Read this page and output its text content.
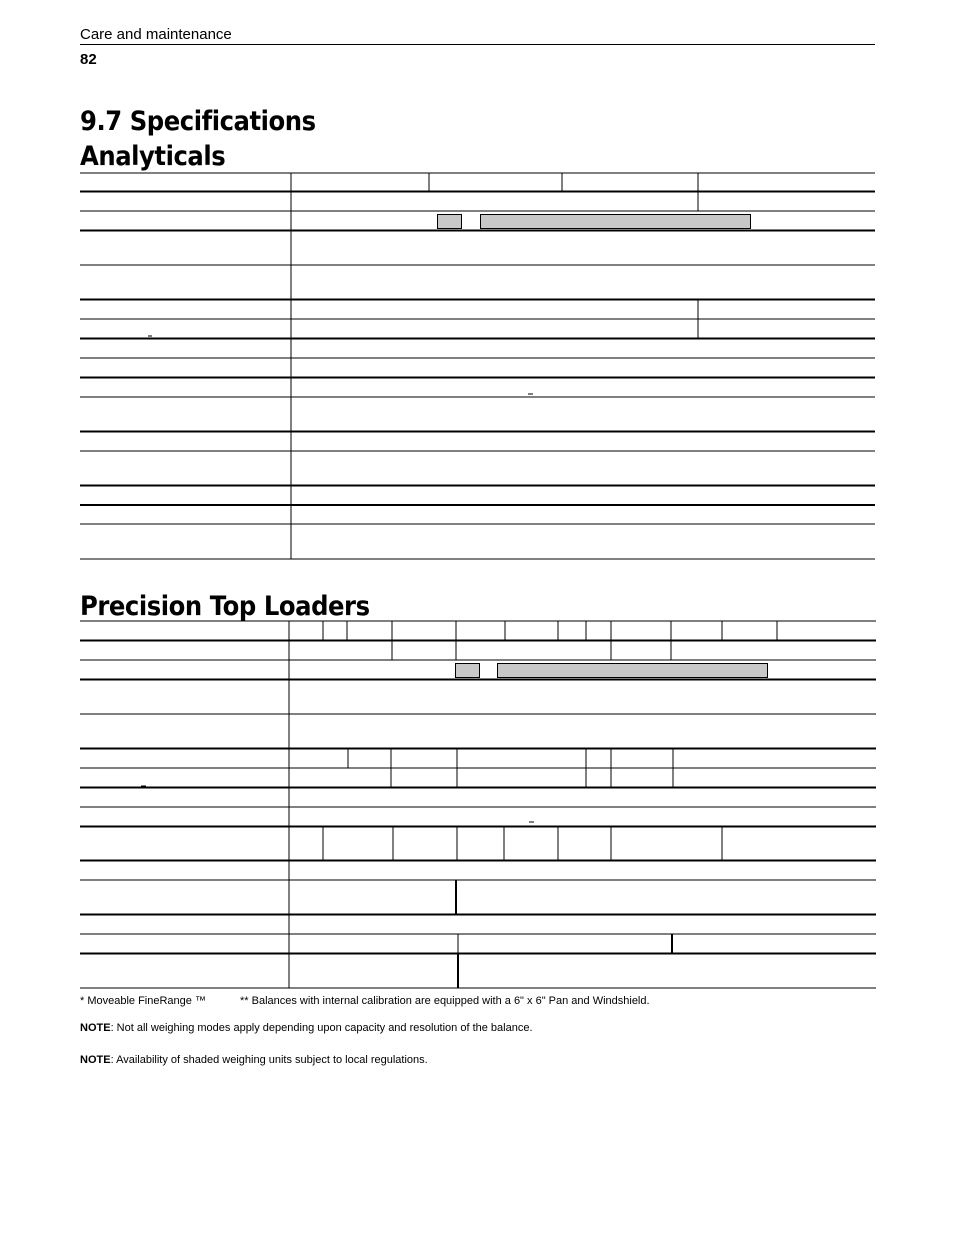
Care and maintenance
82
9.7 Specifications
Analyticals
Precision Top Loaders
* Moveable FineRange ™	** Balances with internal calibration are equipped with a 6" x 6" Pan and Windshield.
NOTE: Not all weighing modes apply depending upon capacity and resolution of the balance.
NOTE: Availability of shaded weighing units subject to local regulations.
